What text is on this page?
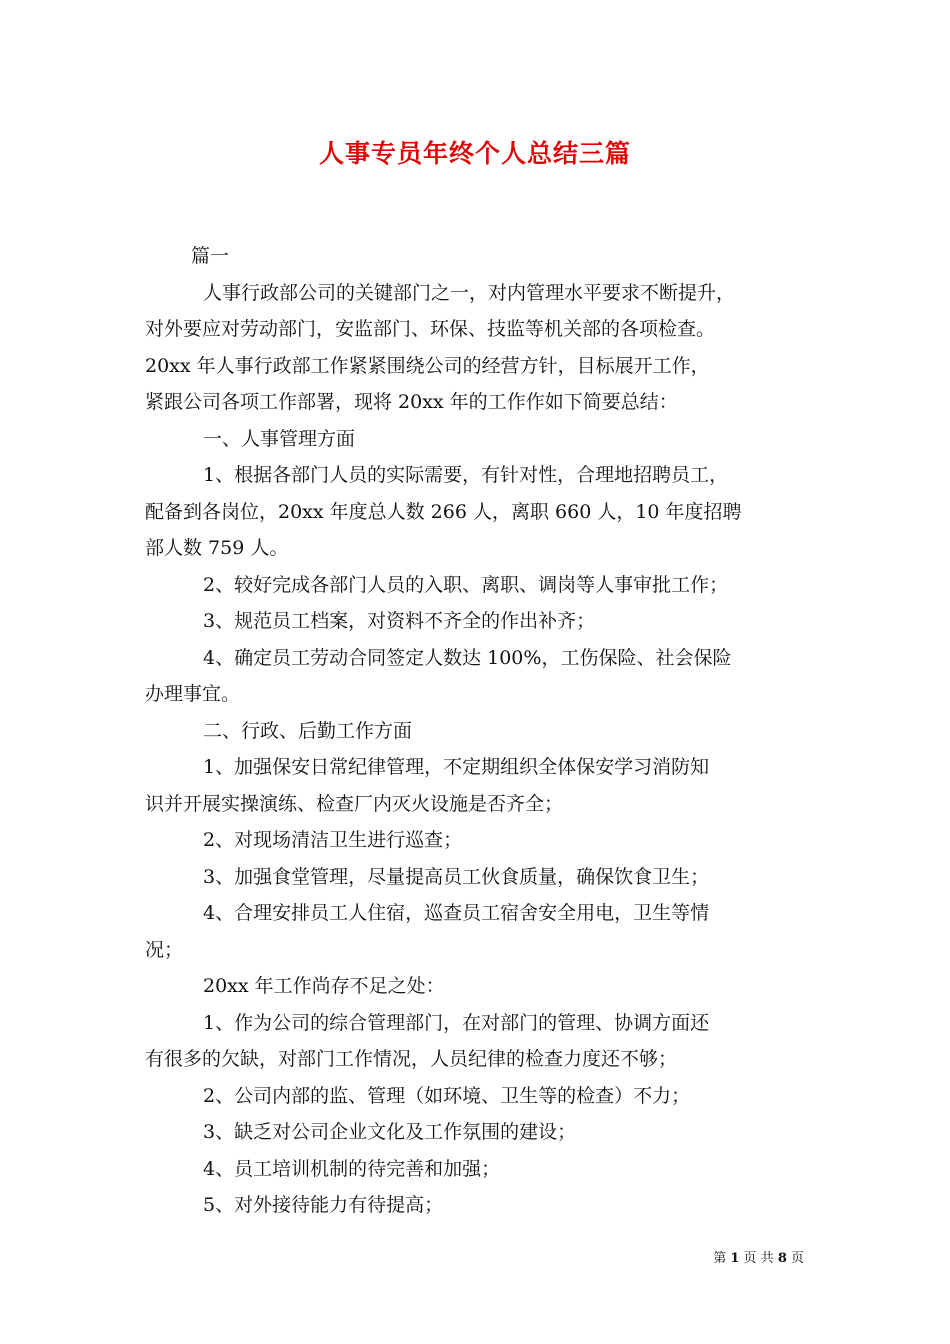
人事专员年终个人总结三篇
篇一
人事行政部公司的关键部门之一，对内管理水平要求不断提升，
对外要应对劳动部门，安监部门、环保、技监等机关部的各项检查。
20xx 年人事行政部工作紧紧围绕公司的经营方针，目标展开工作，
紧跟公司各项工作部署，现将 20xx 年的工作作如下简要总结：
一、人事管理方面
1、根据各部门人员的实际需要，有针对性，合理地招聘员工，
配备到各岗位，20xx 年度总人数 266 人，离职 660 人，10 年度招聘
部人数 759 人。
2、较好完成各部门人员的入职、离职、调岗等人事审批工作；
3、规范员工档案，对资料不齐全的作出补齐；
4、确定员工劳动合同签定人数达 100%，工伤保险、社会保险
办理事宜。
二、行政、后勤工作方面
1、加强保安日常纪律管理，不定期组织全体保安学习消防知
识并开展实操演练、检查厂内灭火设施是否齐全；
2、对现场清洁卫生进行巡查；
3、加强食堂管理，尽量提高员工伙食质量，确保饮食卫生；
4、合理安排员工人住宿，巡查员工宿舍安全用电，卫生等情
况；
20xx 年工作尚存不足之处：
1、作为公司的综合管理部门，在对部门的管理、协调方面还
有很多的欠缺，对部门工作情况，人员纪律的检查力度还不够；
2、公司内部的监、管理（如环境、卫生等的检查）不力；
3、缺乏对公司企业文化及工作氛围的建设；
4、员工培训机制的待完善和加强；
5、对外接待能力有待提高；
第 1 页 共 8 页
